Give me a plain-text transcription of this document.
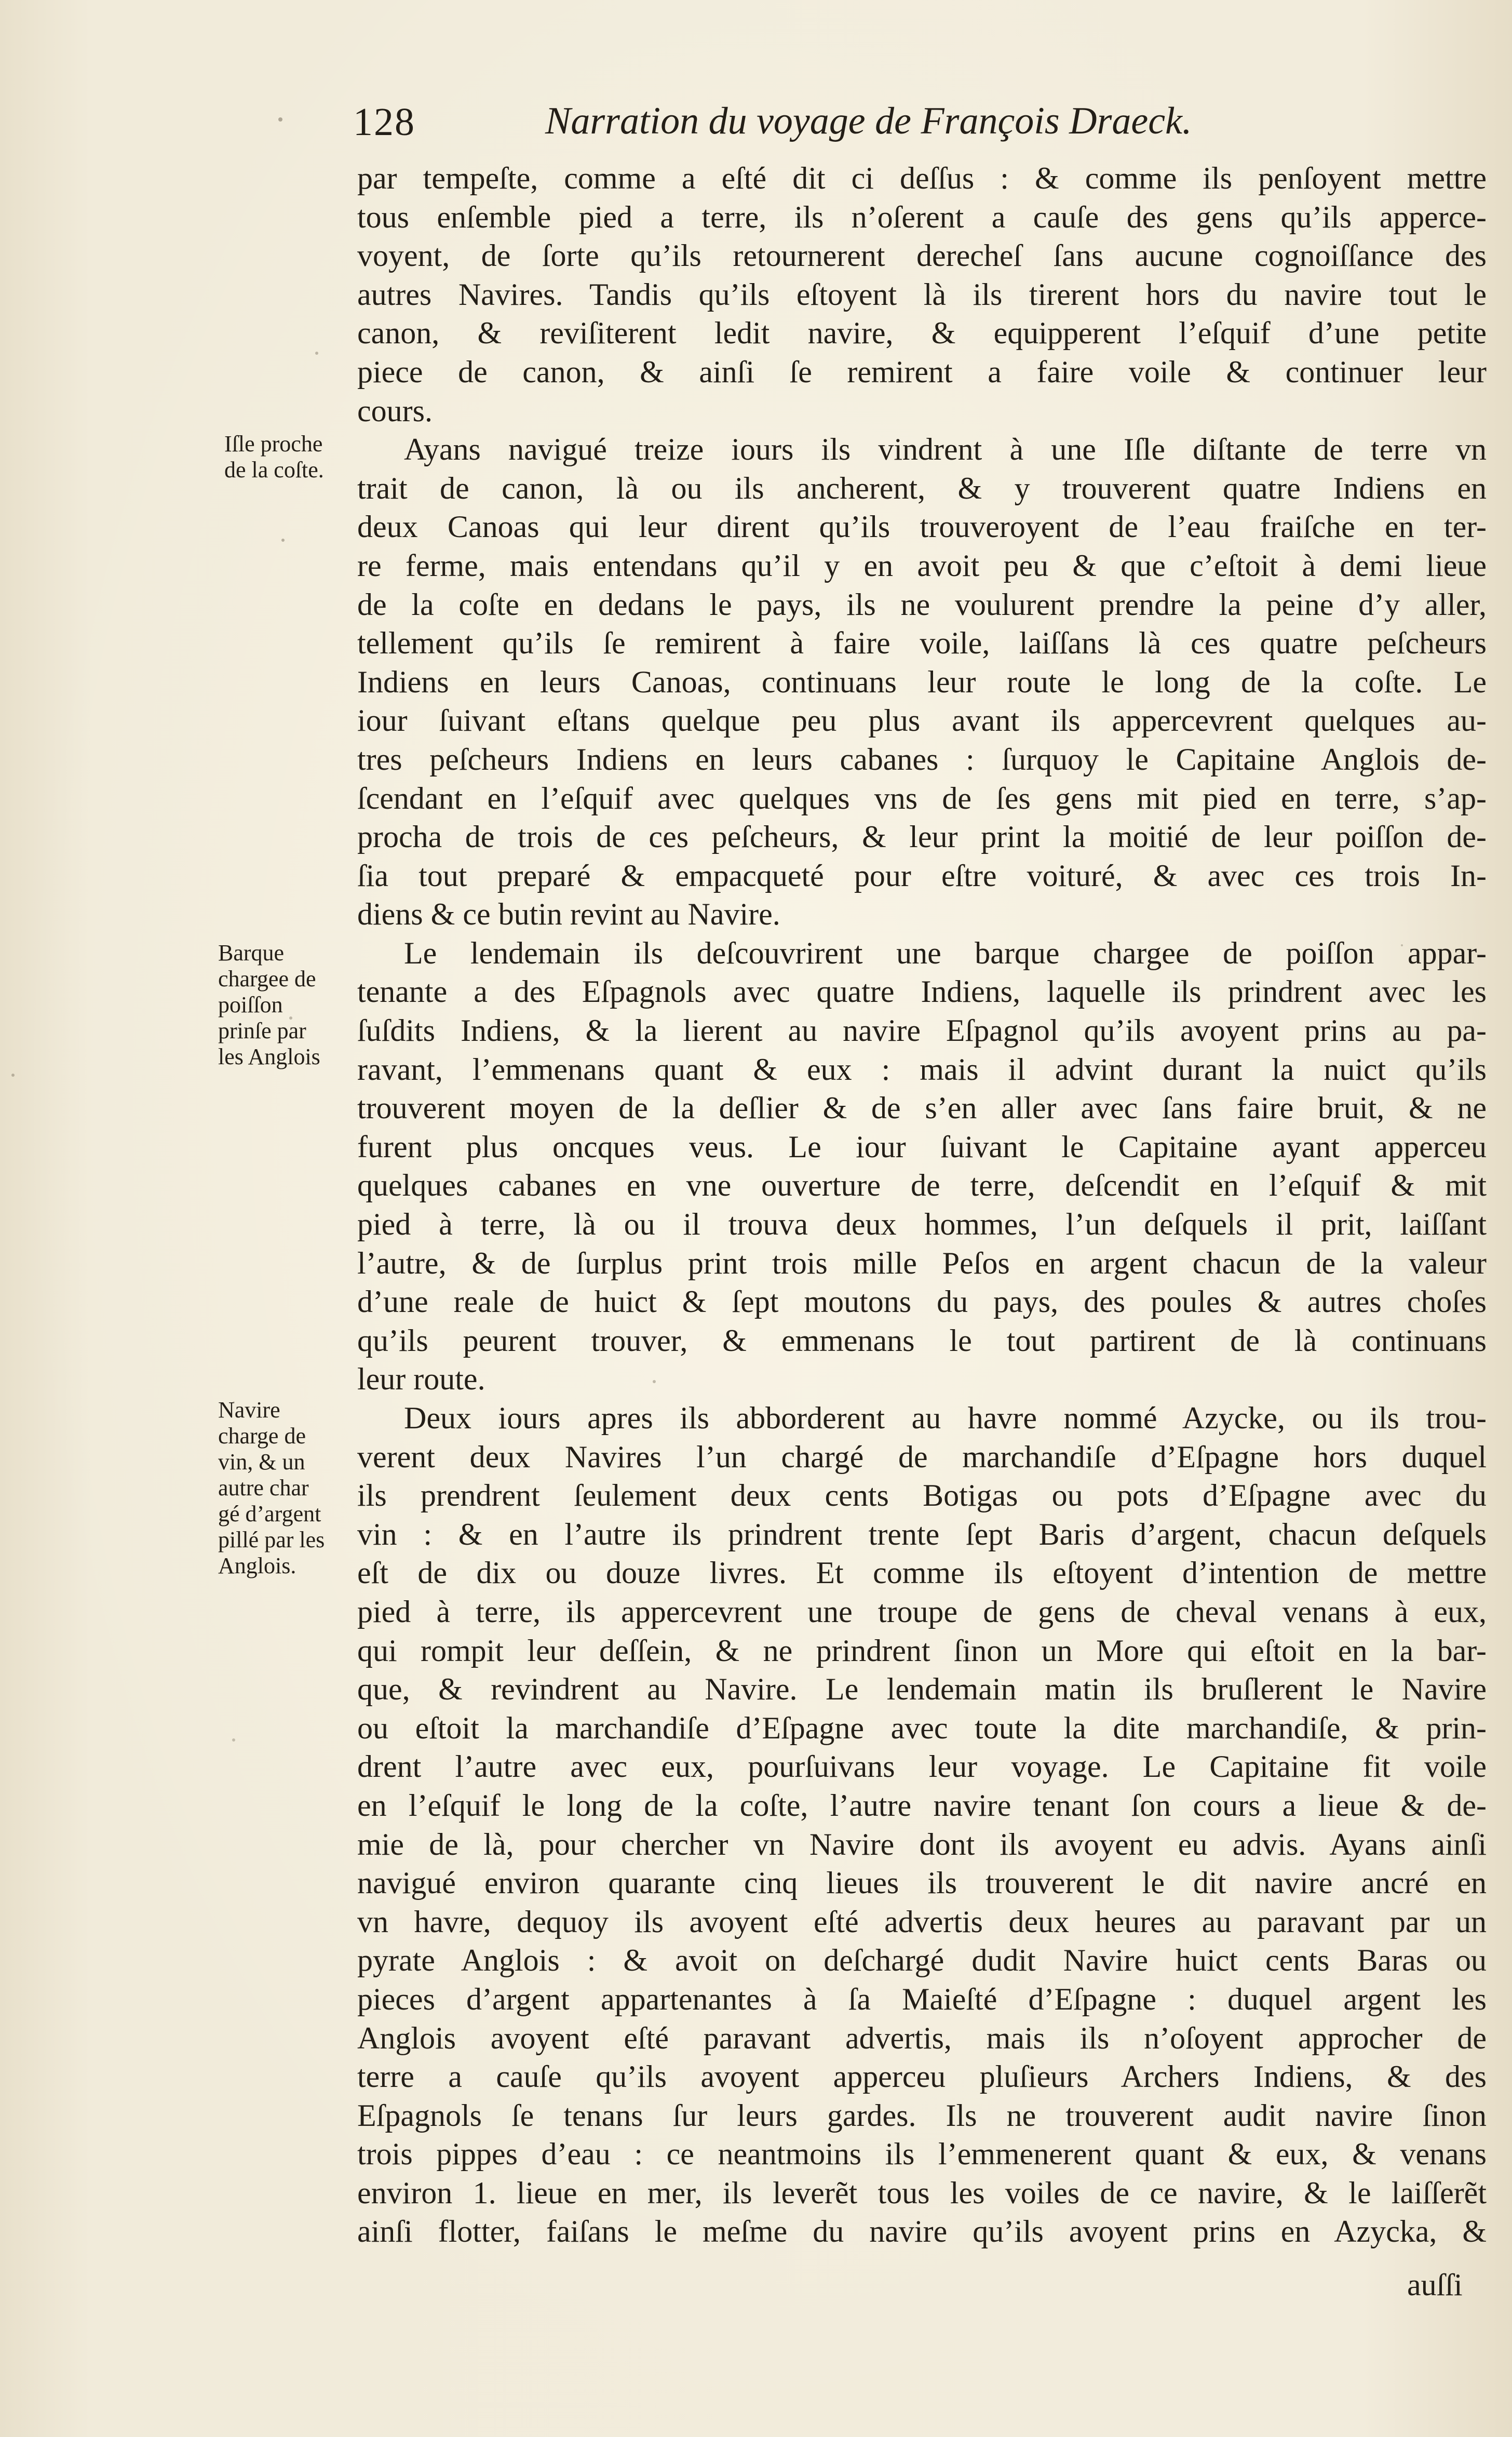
128	Narration du voyage de François Draeck.
par tempeſte, comme a eſté dit ci deſſus : & comme ils penſoyent mettre
tous enſemble pied a terre, ils n’oſerent a cauſe des gens qu’ils apperce-
voyent, de ſorte qu’ils retournerent derecheſ ſans aucune cognoiſſance des
autres Navires. Tandis qu’ils eſtoyent là ils tirerent hors du navire tout le
canon, & reviſiterent ledit navire, & equipperent l’eſquif d’une petite
piece de canon, & ainſi ſe remirent a faire voile & continuer leur
cours.
Ayans navigué treize iours ils vindrent à une Iſle diſtante de terre vn
trait de canon, là ou ils ancherent, & y trouverent quatre Indiens en
deux Canoas qui leur dirent qu’ils trouveroyent de l’eau fraiſche en ter-
re ferme, mais entendans qu’il y en avoit peu & que c’eſtoit à demi lieue
de la coſte en dedans le pays, ils ne voulurent prendre la peine d’y aller,
tellement qu’ils ſe remirent à faire voile, laiſſans là ces quatre peſcheurs
Indiens en leurs Canoas, continuans leur route le long de la coſte. Le
iour ſuivant eſtans quelque peu plus avant ils appercevrent quelques au-
tres peſcheurs Indiens en leurs cabanes : ſurquoy le Capitaine Anglois de-
ſcendant en l’eſquif avec quelques vns de ſes gens mit pied en terre, s’ap-
procha de trois de ces peſcheurs, & leur print la moitié de leur poiſſon de-
ſia tout preparé & empacqueté pour eſtre voituré, & avec ces trois In-
diens & ce butin revint au Navire.
Le lendemain ils deſcouvrirent une barque chargee de poiſſon appar-
tenante a des Eſpagnols avec quatre Indiens, laquelle ils prindrent avec les
ſuſdits Indiens, & la lierent au navire Eſpagnol qu’ils avoyent prins au pa-
ravant, l’emmenans quant & eux : mais il advint durant la nuict qu’ils
trouverent moyen de la deſlier & de s’en aller avec ſans faire bruit, & ne
furent plus oncques veus. Le iour ſuivant le Capitaine ayant apperceu
quelques cabanes en vne ouverture de terre, deſcendit en l’eſquif & mit
pied à terre, là ou il trouva deux hommes, l’un deſquels il prit, laiſſant
l’autre, & de ſurplus print trois mille Peſos en argent chacun de la valeur
d’une reale de huict & ſept moutons du pays, des poules & autres choſes
qu’ils peurent trouver, & emmenans le tout partirent de là continuans
leur route.
Deux iours apres ils abborderent au havre nommé Azycke, ou ils trou-
verent deux Navires l’un chargé de marchandiſe d’Eſpagne hors duquel
ils prendrent ſeulement deux cents Botigas ou pots d’Eſpagne avec du
vin : & en l’autre ils prindrent trente ſept Baris d’argent, chacun deſquels
eſt de dix ou douze livres. Et comme ils eſtoyent d’intention de mettre
pied à terre, ils appercevrent une troupe de gens de cheval venans à eux,
qui rompit leur deſſein, & ne prindrent ſinon un More qui eſtoit en la bar-
que, & revindrent au Navire. Le lendemain matin ils bruſlerent le Navire
ou eſtoit la marchandiſe d’Eſpagne avec toute la dite marchandiſe, & prin-
drent l’autre avec eux, pourſuivans leur voyage. Le Capitaine fit voile
en l’eſquif le long de la coſte, l’autre navire tenant ſon cours a lieue & de-
mie de là, pour chercher vn Navire dont ils avoyent eu advis. Ayans ainſi
navigué environ quarante cinq lieues ils trouverent le dit navire ancré en
vn havre, dequoy ils avoyent eſté advertis deux heures au paravant par un
pyrate Anglois : & avoit on deſchargé dudit Navire huict cents Baras ou
pieces d’argent appartenantes à ſa Maieſté d’Eſpagne : duquel argent les
Anglois avoyent eſté paravant advertis, mais ils n’oſoyent approcher de
terre a cauſe qu’ils avoyent apperceu pluſieurs Archers Indiens, & des
Eſpagnols ſe tenans ſur leurs gardes. Ils ne trouverent audit navire ſinon
trois pippes d’eau : ce neantmoins ils l’emmenerent quant & eux, & venans
environ 1. lieue en mer, ils leverẽt tous les voiles de ce navire, & le laiſſerẽt
ainſi flotter, faiſans le meſme du navire qu’ils avoyent prins en Azycka, &
Iſle proche
de la coſte.
Barque
chargee de
poiſſon
prinſe par
les Anglois
Navire
charge de
vin, & un
autre char
gé d’argent
pillé par les
Anglois.
auſſi
